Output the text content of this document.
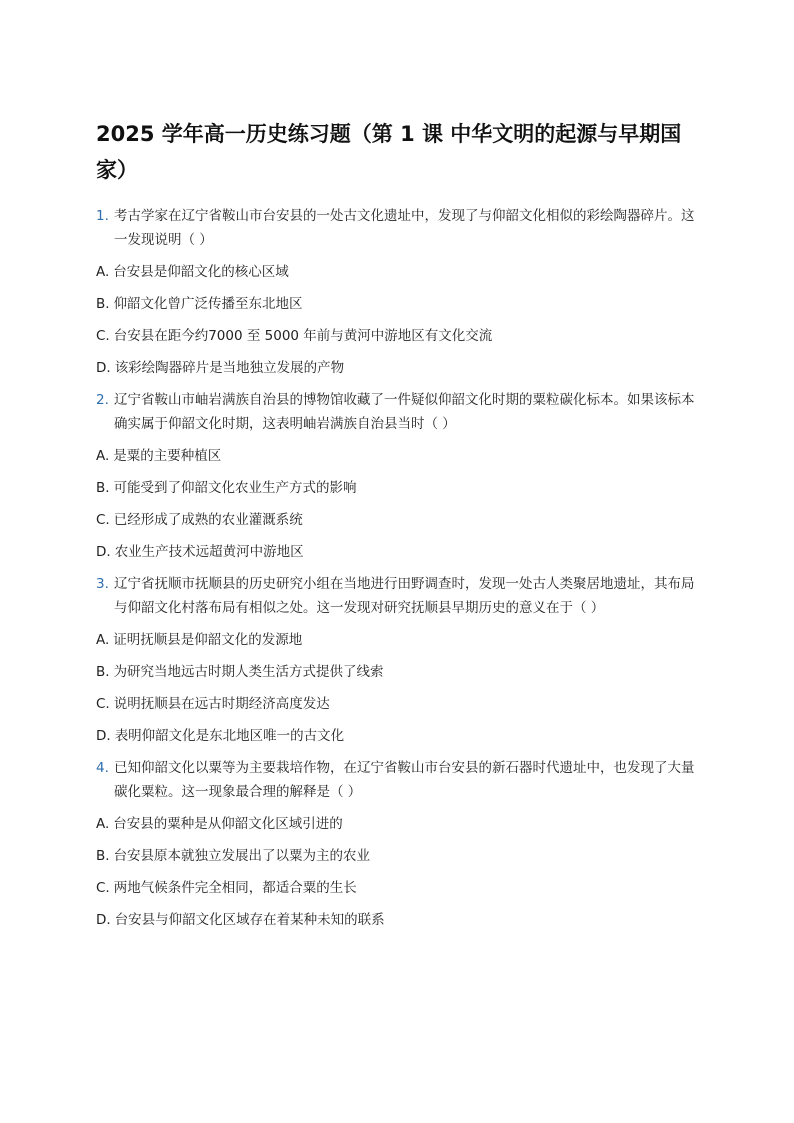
2025 学年高一历史练习题（第 1 课 中华文明的起源与早期国家）
1. 考古学家在辽宁省鞍山市台安县的一处古文化遗址中，发现了与仰韶文化相似的彩绘陶器碎片。这一发现说明（ ）
A. 台安县是仰韶文化的核心区域
B. 仰韶文化曾广泛传播至东北地区
C. 台安县在距今约7000 至 5000 年前与黄河中游地区有文化交流
D. 该彩绘陶器碎片是当地独立发展的产物
2. 辽宁省鞍山市岫岩满族自治县的博物馆收藏了一件疑似仰韶文化时期的粟粒碳化标本。如果该标本确实属于仰韶文化时期，这表明岫岩满族自治县当时（ ）
A. 是粟的主要种植区
B. 可能受到了仰韶文化农业生产方式的影响
C. 已经形成了成熟的农业灌溉系统
D. 农业生产技术远超黄河中游地区
3. 辽宁省抚顺市抚顺县的历史研究小组在当地进行田野调查时，发现一处古人类聚居地遗址，其布局与仰韶文化村落布局有相似之处。这一发现对研究抚顺县早期历史的意义在于（ ）
A. 证明抚顺县是仰韶文化的发源地
B. 为研究当地远古时期人类生活方式提供了线索
C. 说明抚顺县在远古时期经济高度发达
D. 表明仰韶文化是东北地区唯一的古文化
4. 已知仰韶文化以粟等为主要栽培作物，在辽宁省鞍山市台安县的新石器时代遗址中，也发现了大量碳化粟粒。这一现象最合理的解释是（ ）
A. 台安县的粟种是从仰韶文化区域引进的
B. 台安县原本就独立发展出了以粟为主的农业
C. 两地气候条件完全相同，都适合粟的生长
D. 台安县与仰韶文化区域存在着某种未知的联系
